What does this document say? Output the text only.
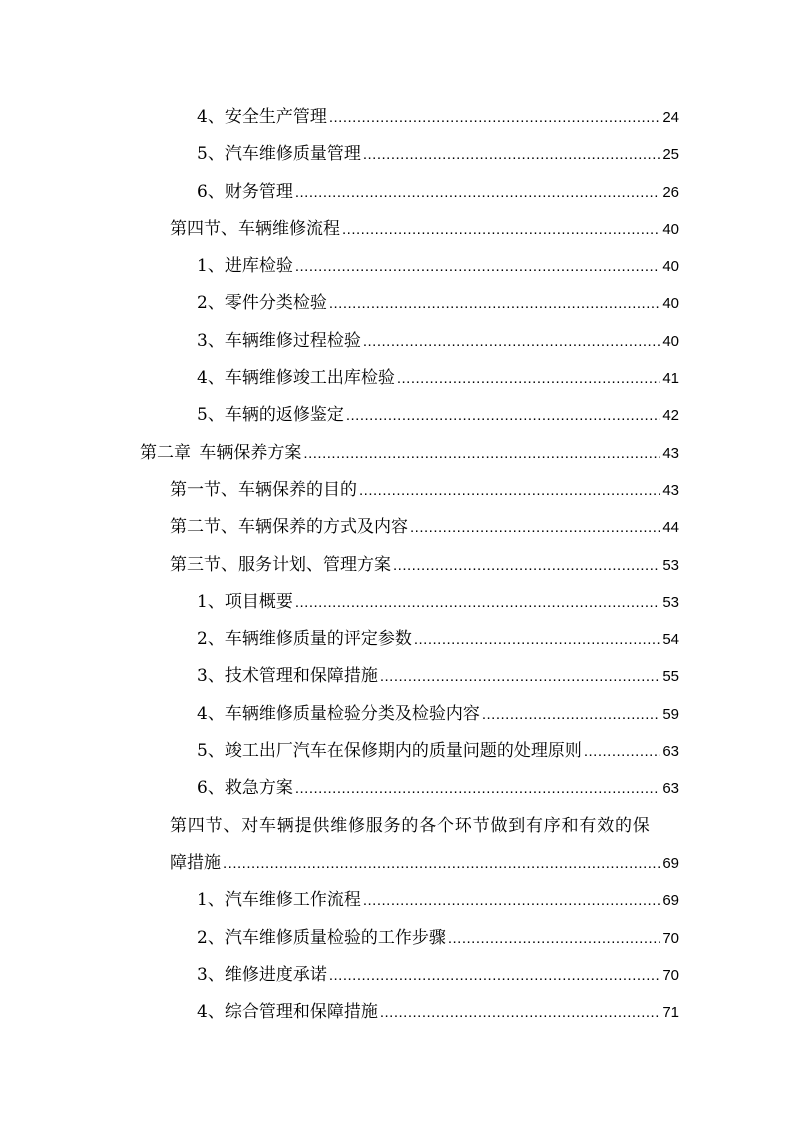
4、安全生产管理 .....	24
5、汽车维修质量管理 .....	25
6、财务管理 .....	26
第四节、车辆维修流程 .....	40
1、进库检验 .....	40
2、零件分类检验 .....	40
3、车辆维修过程检验 .....	40
4、车辆维修竣工出库检验 .....	41
5、车辆的返修鉴定 .....	42
第二章 车辆保养方案 .....	43
第一节、车辆保养的目的 .....	43
第二节、车辆保养的方式及内容 .....	44
第三节、服务计划、管理方案 .....	53
1、项目概要 .....	53
2、车辆维修质量的评定参数 .....	54
3、技术管理和保障措施 .....	55
4、车辆维修质量检验分类及检验内容 .....	59
5、竣工出厂汽车在保修期内的质量问题的处理原则 .....	63
6、救急方案 .....	63
第四节、对车辆提供维修服务的各个环节做到有序和有效的保
障措施 .....	69
1、汽车维修工作流程 .....	69
2、汽车维修质量检验的工作步骤 .....	70
3、维修进度承诺 .....	70
4、综合管理和保障措施 .....	71
